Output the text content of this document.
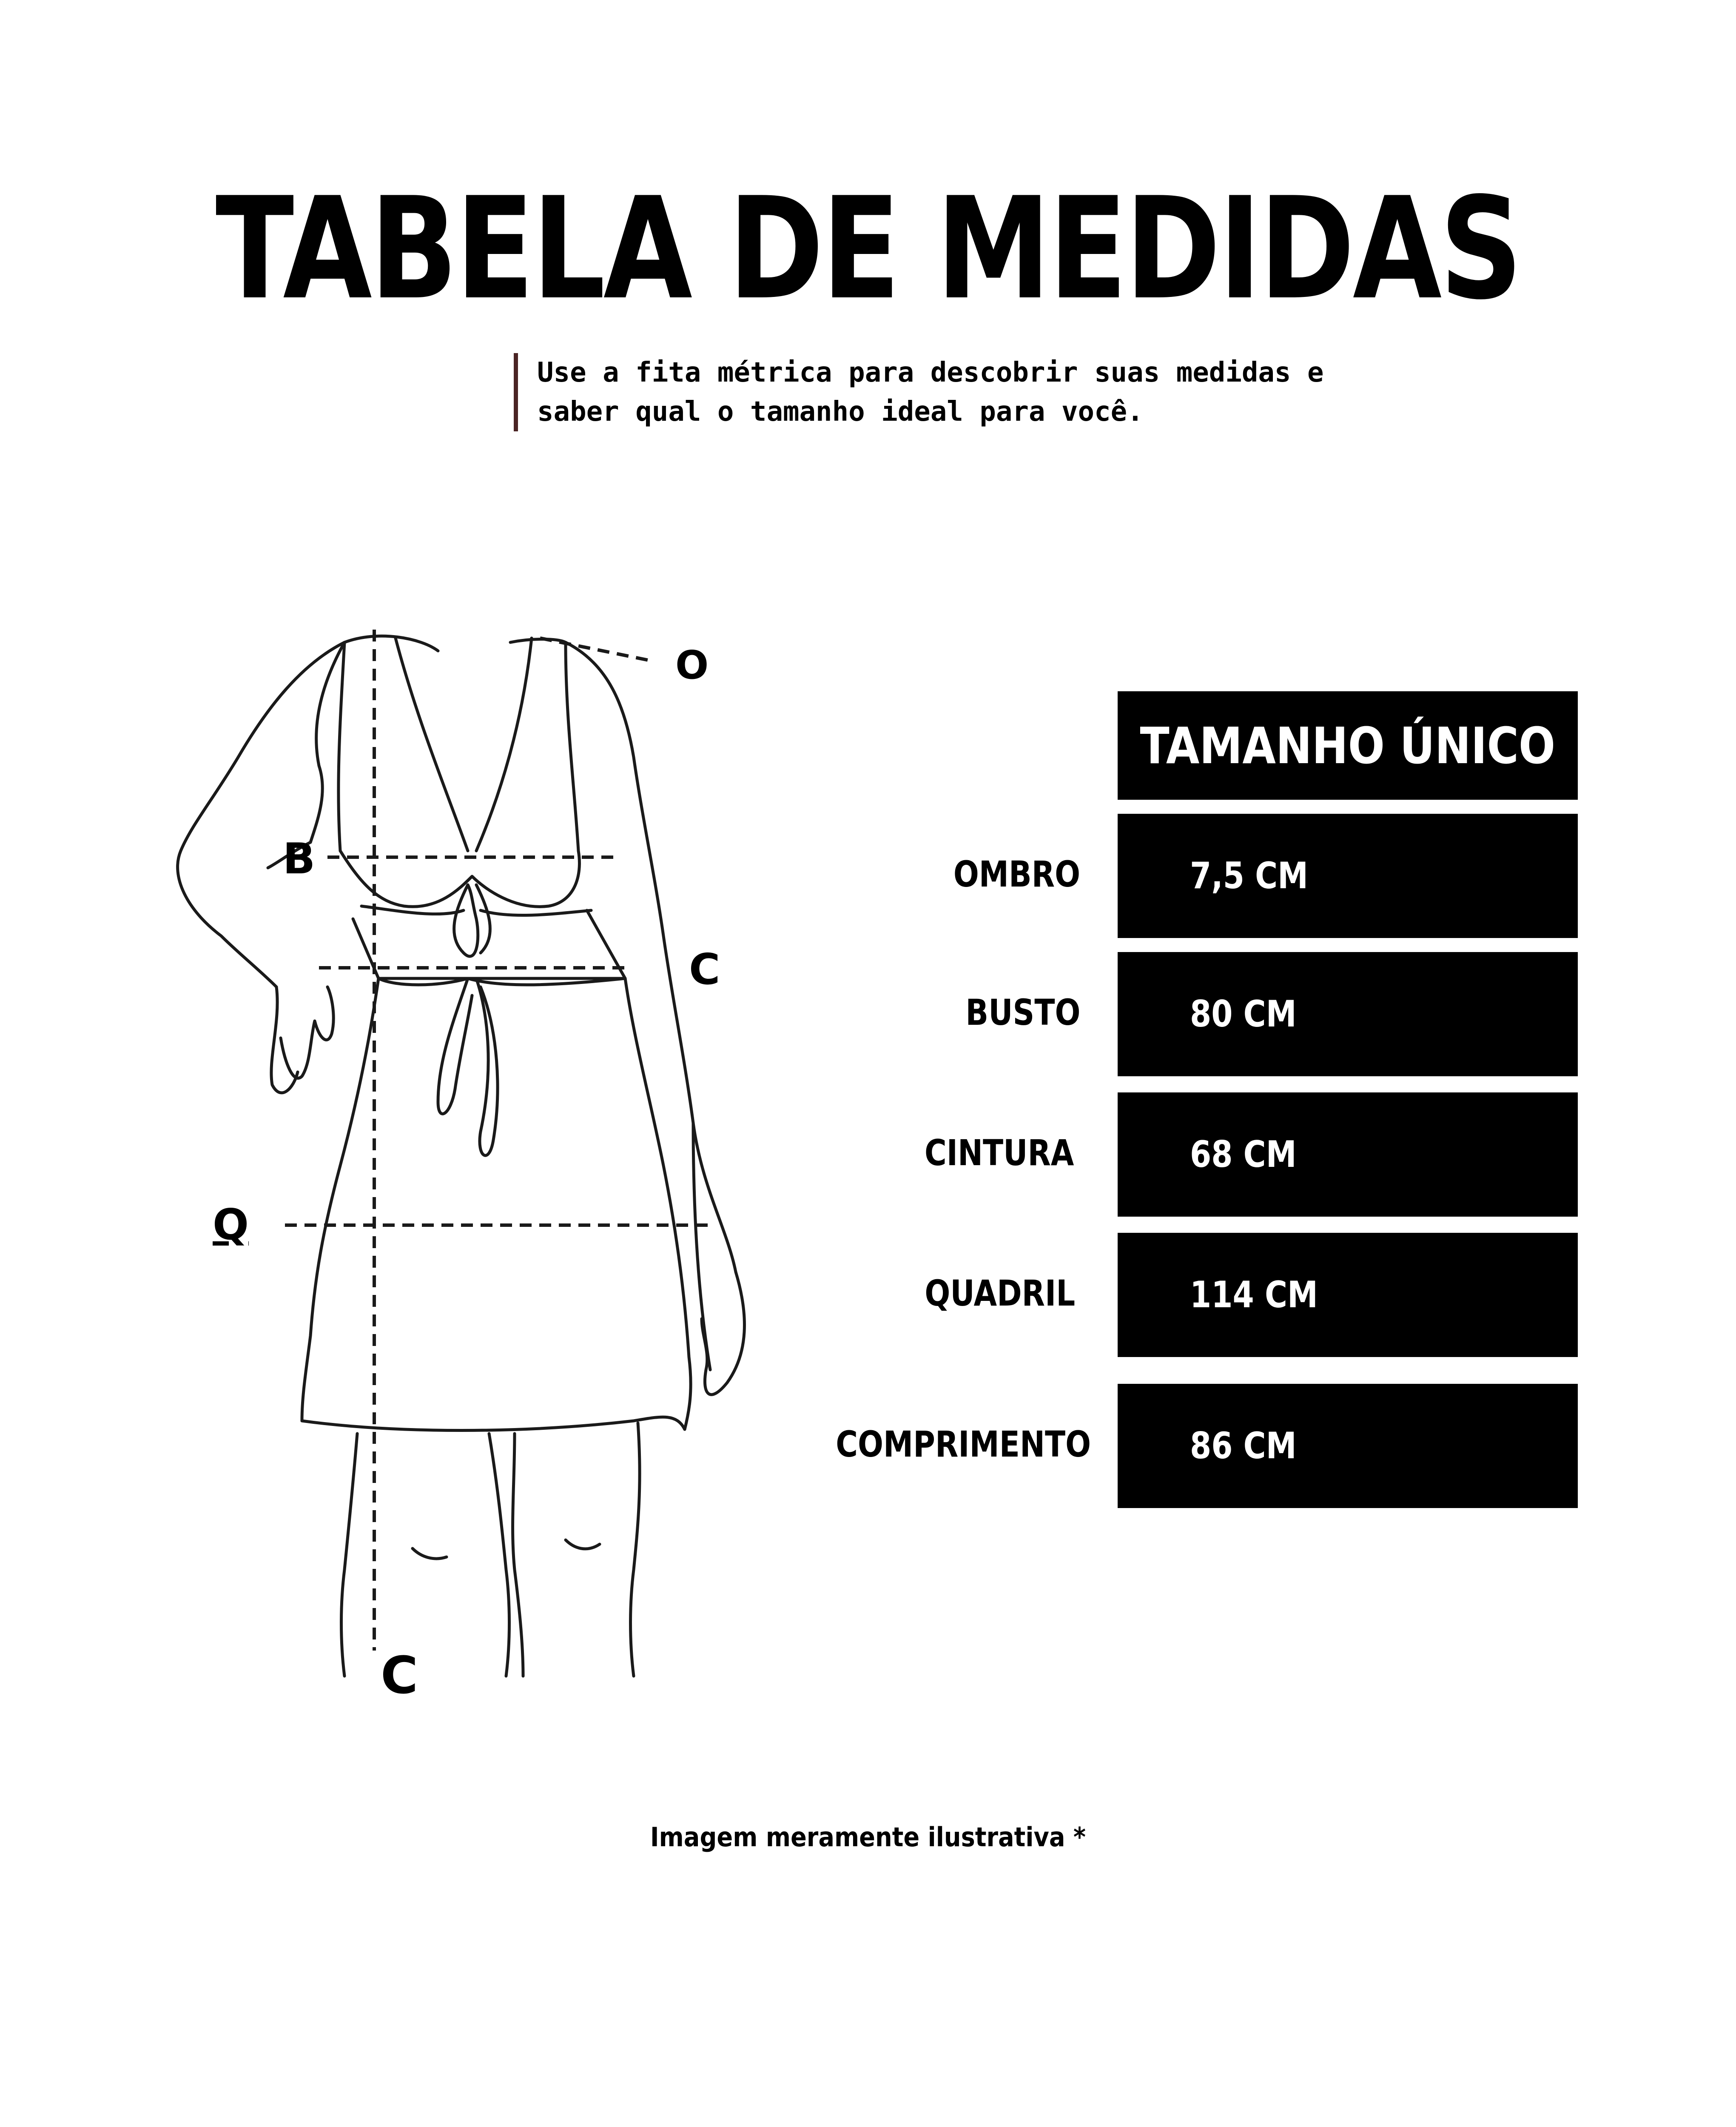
TABELA DE MEDIDAS
Use a fita métrica para descobrir suas medidas e
saber qual o tamanho ideal para você.
O
B
C
Q
C
TAMANHO ÚNICO
OMBRO	7,5 CM
BUSTO	80 CM
CINTURA	68 CM
QUADRIL	114 CM
COMPRIMENTO	86 CM
Imagem meramente ilustrativa *
